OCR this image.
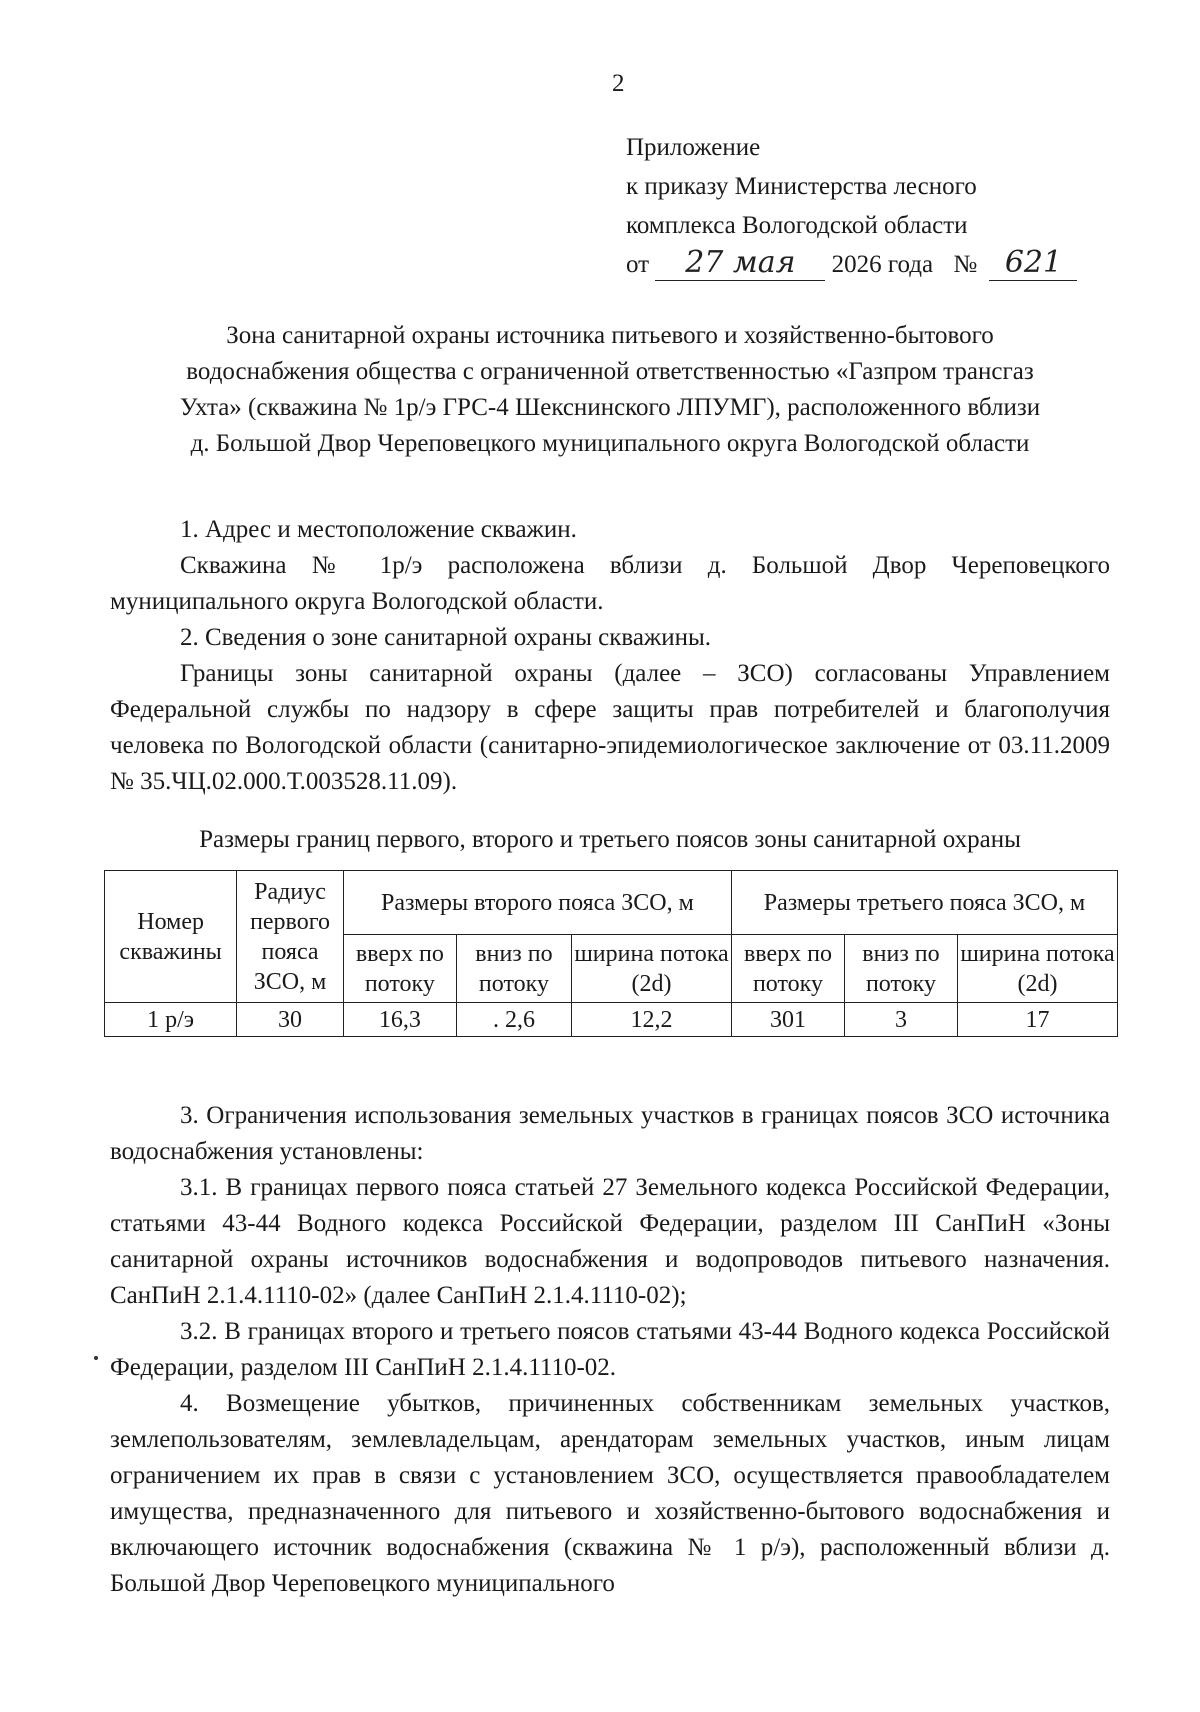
2
Приложение
к приказу Министерства лесного
комплекса Вологодской области
от 27 мая 2026 года № 621
Зона санитарной охраны источника питьевого и хозяйственно-бытового
водоснабжения общества с ограниченной ответственностью «Газпром трансгаз
Ухта» (скважина № 1р/э ГРС-4 Шекснинского ЛПУМГ), расположенного вблизи
д. Большой Двор Череповецкого муниципального округа Вологодской области

1. Адрес и местоположение скважин.

Скважина № 1р/э расположена вблизи д. Большой Двор Череповецкого муниципального округа Вологодской области.

2. Сведения о зоне санитарной охраны скважины.

Границы зоны санитарной охраны (далее – ЗСО) согласованы Управлением Федеральной службы по надзору в сфере защиты прав потребителей и благополучия человека по Вологодской области (санитарно-эпидемиологическое заключение от 03.11.2009 № 35.ЧЦ.02.000.Т.003528.11.09).

Размеры границ первого, второго и третьего поясов зоны санитарной охраны
Номер скважины	Радиус первого пояса ЗСО, м	Размеры второго пояса ЗСО, м			Размеры третьего пояса ЗСО, м		
		вверх по потоку	вниз по потоку	ширина потока (2d)	вверх по потоку	вниз по потоку	ширина потока (2d)
1 р/э	30	16,3	. 2,6	12,2	301	3	17

3. Ограничения использования земельных участков в границах поясов ЗСО источника водоснабжения установлены:

3.1. В границах первого пояса статьей 27 Земельного кодекса Российской Федерации, статьями 43-44 Водного кодекса Российской Федерации, разделом III СанПиН «Зоны санитарной охраны источников водоснабжения и водопроводов питьевого назначения. СанПиН 2.1.4.1110-02» (далее СанПиН 2.1.4.1110-02);

3.2. В границах второго и третьего поясов статьями 43-44 Водного кодекса Российской Федерации, разделом III СанПиН 2.1.4.1110-02.

4. Возмещение убытков, причиненных собственникам земельных участков, землепользователям, землевладельцам, арендаторам земельных участков, иным лицам ограничением их прав в связи с установлением ЗСО, осуществляется правообладателем имущества, предназначенного для питьевого и хозяйственно-бытового водоснабжения и включающего источник водоснабжения (скважина № 1 р/э), расположенный вблизи д. Большой Двор Череповецкого муниципального
